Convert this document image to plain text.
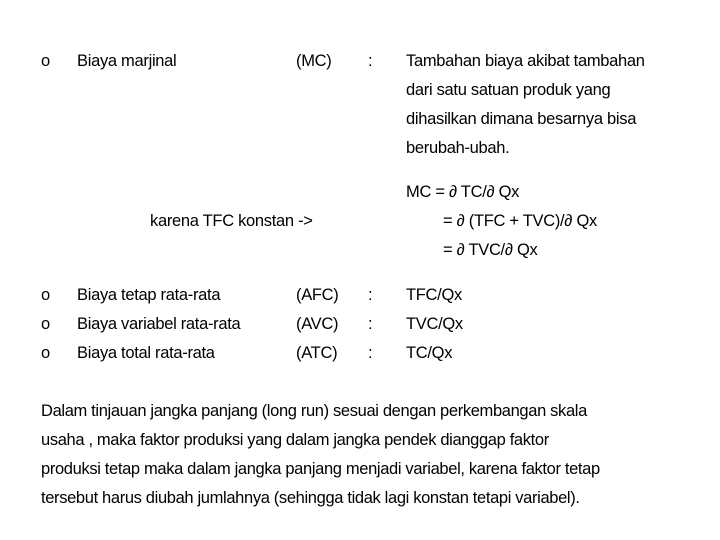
o Biaya marjinal	(MC) : Tambahan biaya akibat tambahan
dari satu satuan produk yang
dihasilkan dimana besarnya bisa
berubah-ubah.
MC = ∂ TC/∂ Qx
karena TFC konstan ->	= ∂ (TFC + TVC)/∂ Qx
= ∂ TVC/∂ Qx
o Biaya tetap rata-rata	(AFC) : TFC/Qx
o Biaya variabel rata-rata	(AVC) : TVC/Qx
o Biaya total rata-rata	(ATC) : TC/Qx
Dalam tinjauan jangka panjang (long run) sesuai dengan perkembangan skala
usaha , maka faktor produksi yang dalam jangka pendek dianggap faktor
produksi tetap maka dalam jangka panjang menjadi variabel, karena faktor tetap
tersebut harus diubah jumlahnya (sehingga tidak lagi konstan tetapi variabel).
